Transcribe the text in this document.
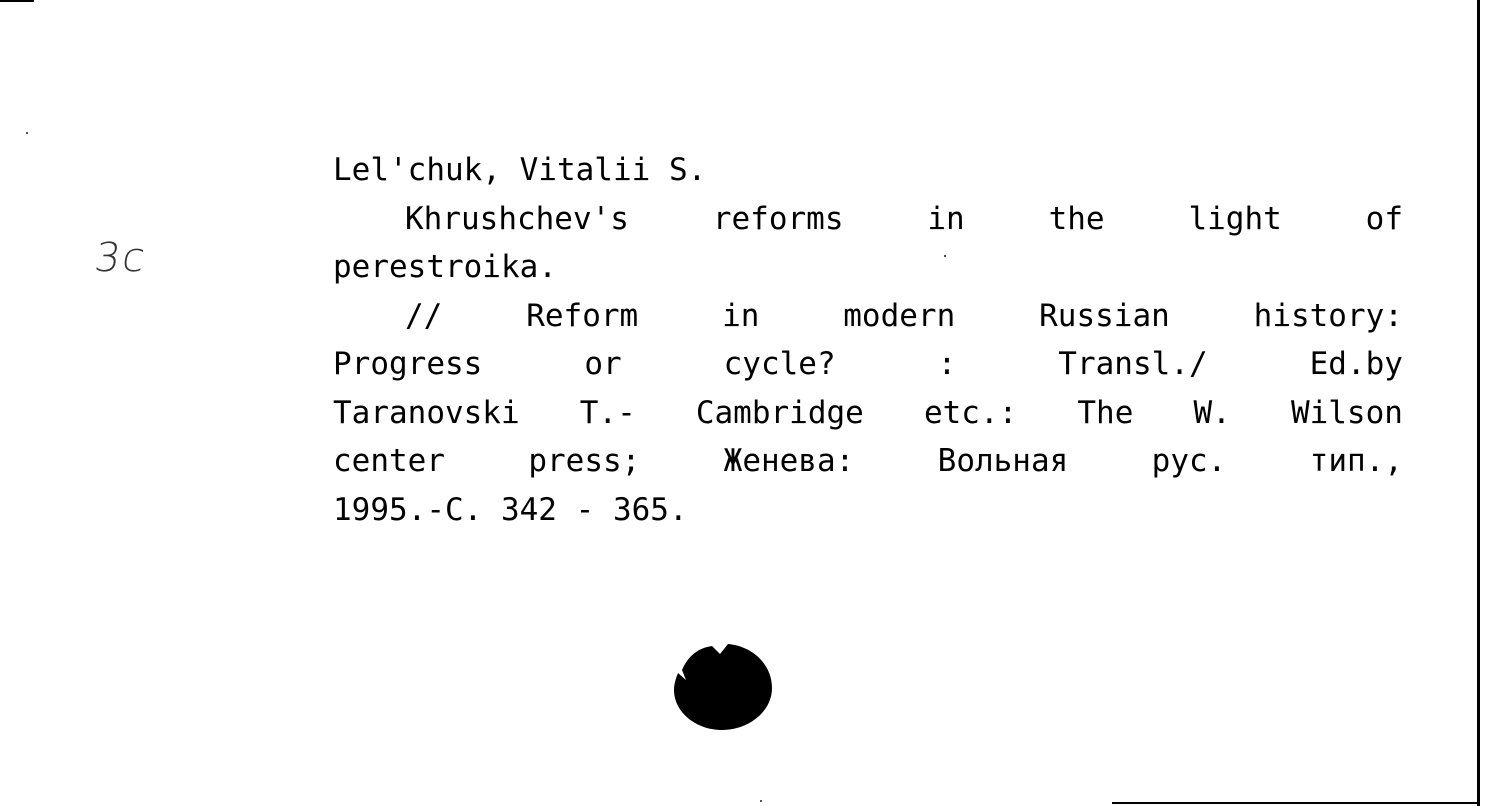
3c
Lel'chuk, Vitalii S.
Khrushchev's	reforms	in	the	light	of
perestroika.
//	Reform	in	modern	Russian	history:
Progress	or	cycle?	:	Transl./	Ed.by
Taranovski T.- Cambridge etc.: The W. Wilson
center	press;	Женева:	Вольная	рус.	тип.,
1995.-С. 342 - 365.
